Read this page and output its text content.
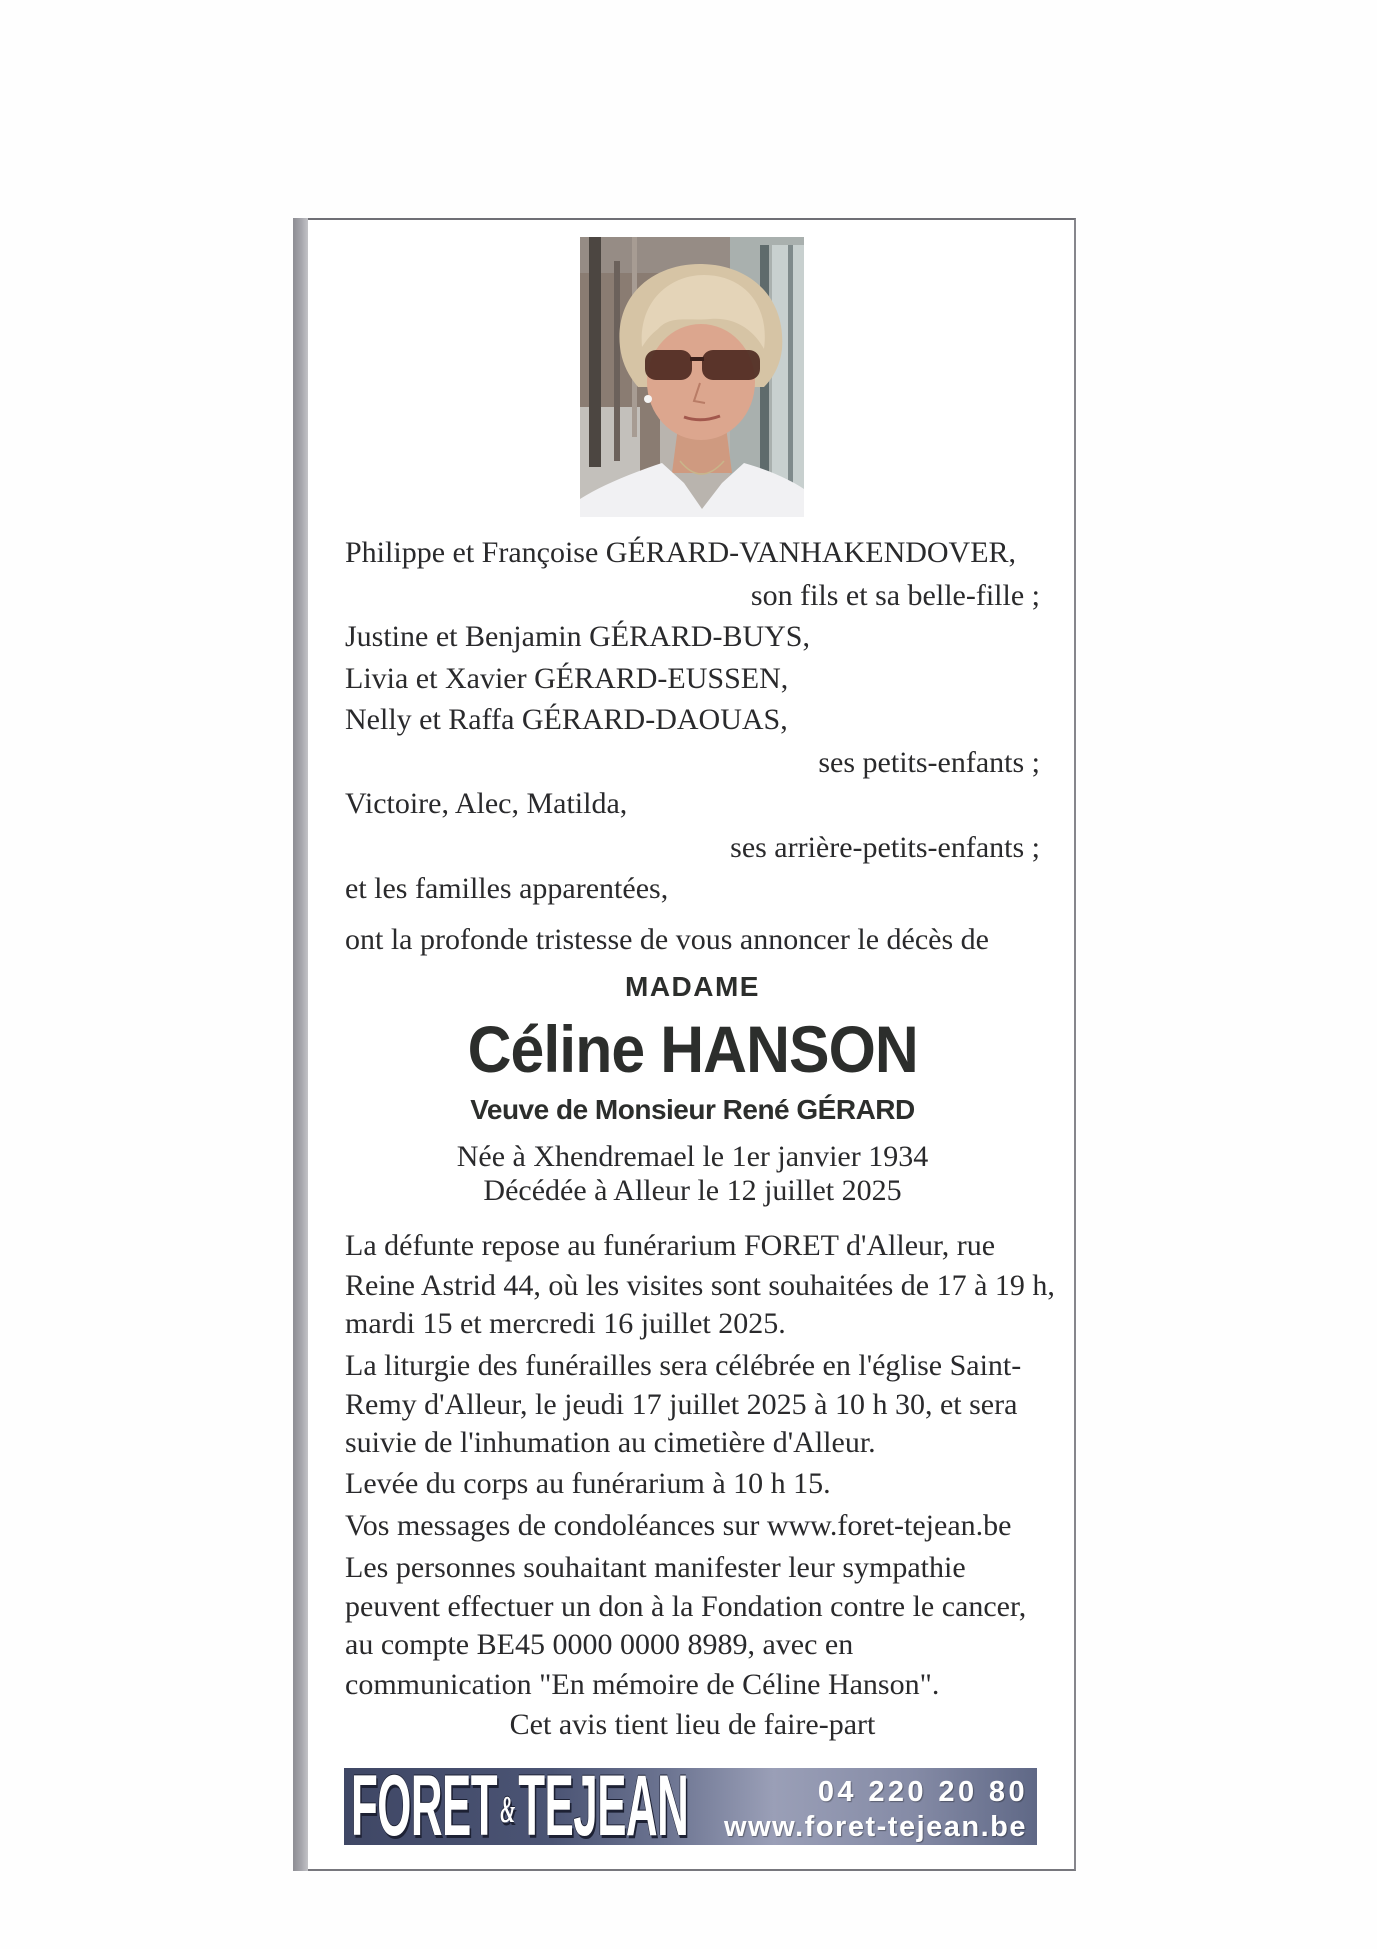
Philippe et Françoise GÉRARD-VANHAKENDOVER,
son fils et sa belle-fille ;
Justine et Benjamin GÉRARD-BUYS,
Livia et Xavier GÉRARD-EUSSEN,
Nelly et Raffa GÉRARD-DAOUAS,
ses petits-enfants ;
Victoire, Alec, Matilda,
ses arrière-petits-enfants ;
et les familles apparentées,
ont la profonde tristesse de vous annoncer le décès de
MADAME
Céline HANSON
Veuve de Monsieur René GÉRARD
Née à Xhendremael le 1er janvier 1934
Décédée à Alleur le 12 juillet 2025
La défunte repose au funérarium FORET d'Alleur, rue
Reine Astrid 44, où les visites sont souhaitées de 17 à 19 h,
mardi 15 et mercredi 16 juillet 2025.
La liturgie des funérailles sera célébrée en l'église Saint-
Remy d'Alleur, le jeudi 17 juillet 2025 à 10 h 30, et sera
suivie de l'inhumation au cimetière d'Alleur.
Levée du corps au funérarium à 10 h 15.
Vos messages de condoléances sur www.foret-tejean.be
Les personnes souhaitant manifester leur sympathie
peuvent effectuer un don à la Fondation contre le cancer,
au compte BE45 0000 0000 8989, avec en
communication "En mémoire de Céline Hanson".
Cet avis tient lieu de faire-part
FORET&TEJEAN	04 220 20 80
www.foret-tejean.be
